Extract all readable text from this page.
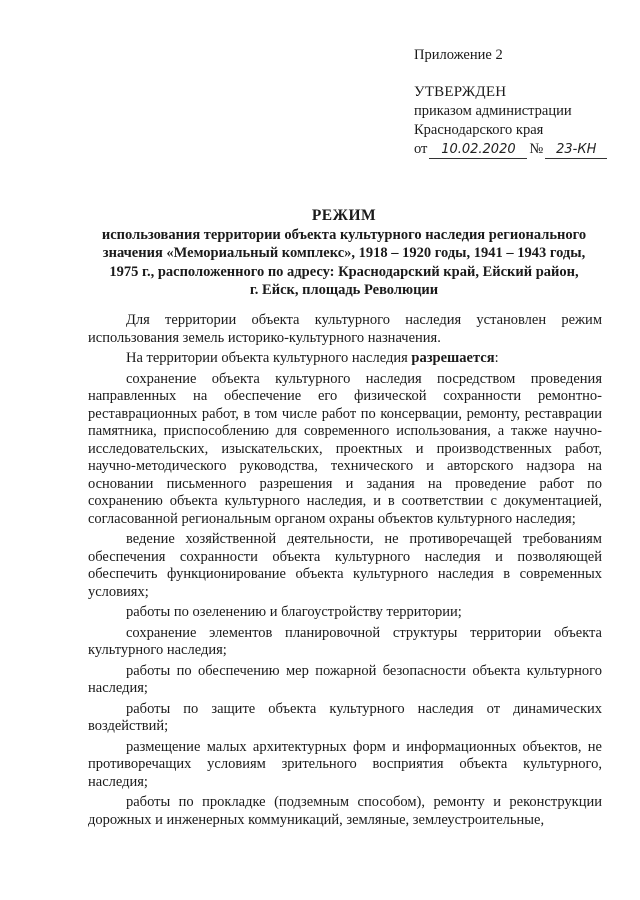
Приложение 2
УТВЕРЖДЕН
приказом администрации
Краснодарского края
от	10.02.2020 № 23-КН
РЕЖИМ
использования территории объекта культурного наследия регионального
значения «Мемориальный комплекс», 1918 – 1920 годы, 1941 – 1943 годы,
1975 г., расположенного по адресу: Краснодарский край, Ейский район,
г. Ейск, площадь Революции

Для территории объекта культурного наследия установлен режим использования земель историко-культурного назначения.

На территории объекта культурного наследия разрешается:

сохранение объекта культурного наследия посредством проведения направленных на обеспечение его физической сохранности ремонтно-реставрационных работ, в том числе работ по консервации, ремонту, реставрации памятника, приспособлению для современного использования, а также научно-исследовательских, изыскательских, проектных и производственных работ, научно-методического руководства, технического и авторского надзора на основании письменного разрешения и задания на проведение работ по сохранению объекта культурного наследия, и в соответствии с документацией, согласованной региональным органом охраны объектов культурного наследия;

ведение хозяйственной деятельности, не противоречащей требованиям обеспечения сохранности объекта культурного наследия и позволяющей обеспечить функционирование объекта культурного наследия в современных условиях;

работы по озеленению и благоустройству территории;

сохранение элементов планировочной структуры территории объекта культурного наследия;

работы по обеспечению мер пожарной безопасности объекта культурного наследия;

работы по защите объекта культурного наследия от динамических воздействий;

размещение малых архитектурных форм и информационных объектов, не противоречащих условиям зрительного восприятия объекта культурного, наследия;

работы по прокладке (подземным способом), ремонту и реконструкции дорожных и инженерных коммуникаций, земляные, землеустроительные,
